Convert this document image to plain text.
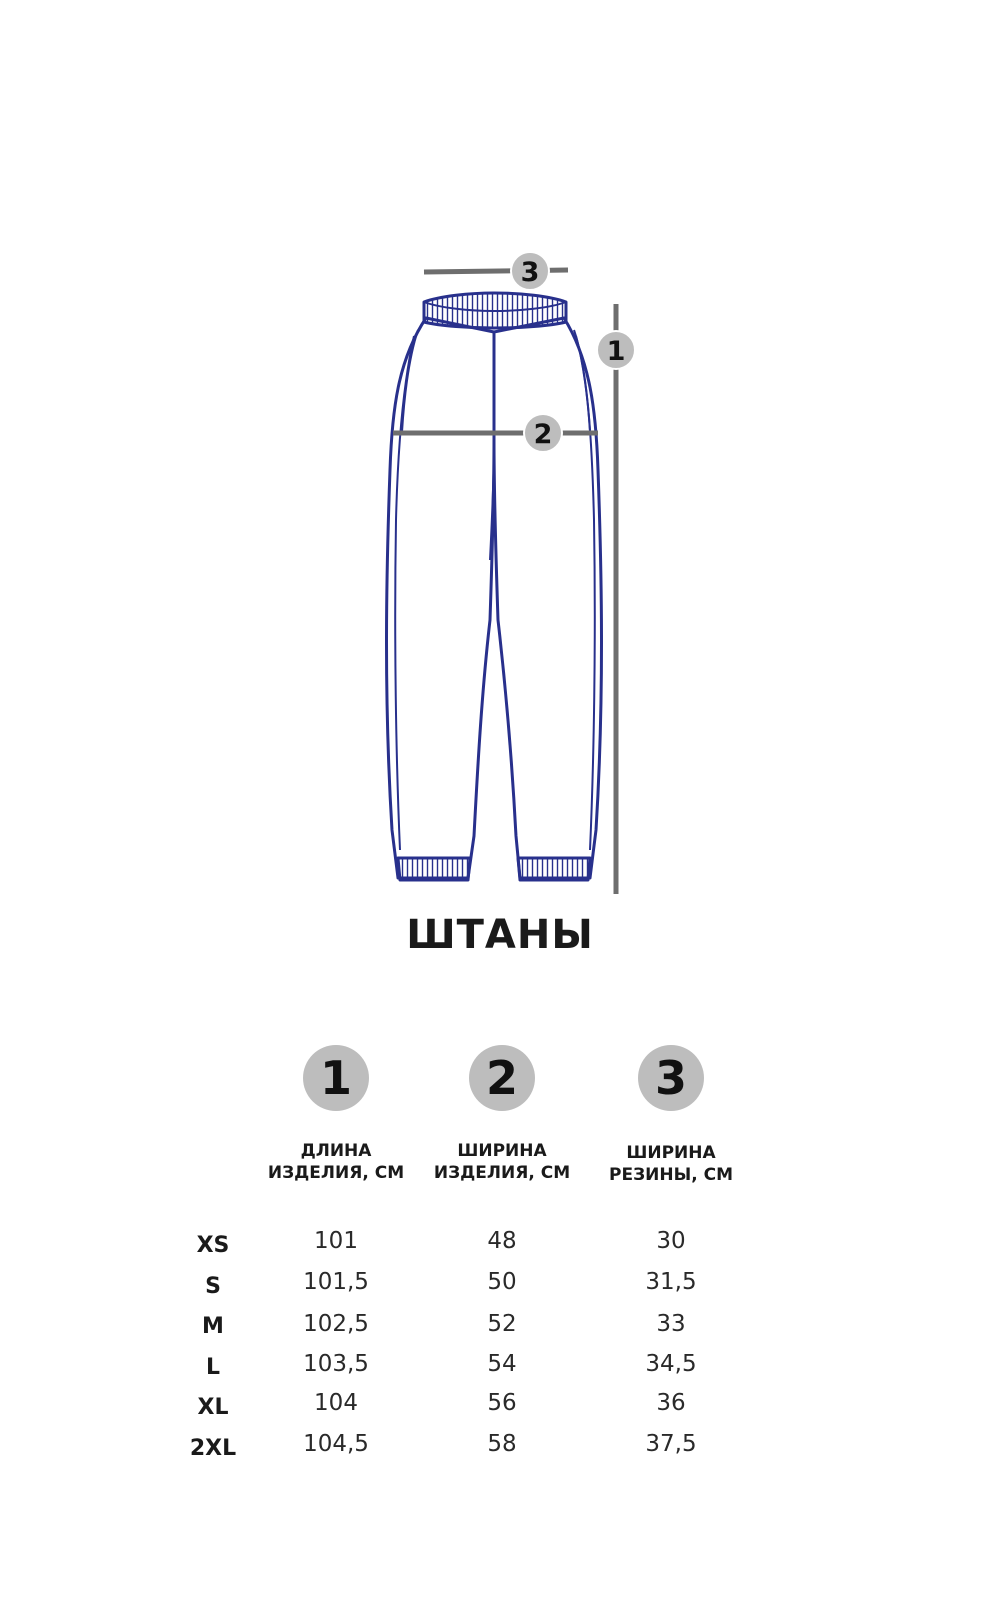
3
2
1
ШТАНЫ
1	2	3
ДЛИНА
ИЗДЕЛИЯ, СМ
ШИРИНА
ИЗДЕЛИЯ, СМ
ШИРИНА
РЕЗИНЫ, СМ
XS	101	48	30
S	101,5	50	31,5
M	102,5	52	33
L	103,5	54	34,5
XL	104	56	36
2XL	104,5	58	37,5
